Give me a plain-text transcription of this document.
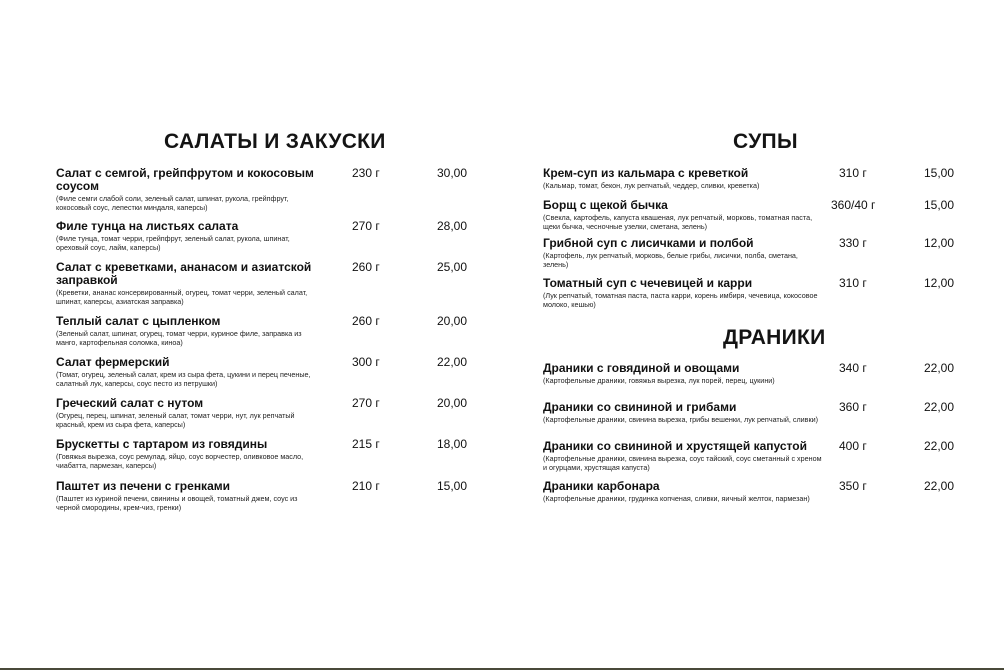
САЛАТЫ И ЗАКУСКИ
Салат с семгой, грейпфрутом и кокосовым соусом
(Филе семги слабой соли, зеленый салат, шпинат, рукола, грейпфрут, кокосовый соус, лепестки миндаля, каперсы)
230 г	30,00
Филе тунца на листьях салата
(Филе тунца, томат черри, грейпфрут, зеленый салат, рукола, шпинат, ореховый соус, лайм, каперсы)
270 г	28,00
Салат с креветками, ананасом и азиатской заправкой
(Креветки, ананас консервированный, огурец, томат черри, зеленый салат, шпинат, каперсы, азиатская заправка)
260 г	25,00
Теплый салат с цыпленком
(Зеленый салат, шпинат, огурец, томат черри, куриное филе, заправка из манго, картофельная соломка, киноа)
260 г	20,00
Салат фермерский
(Томат, огурец, зеленый салат, крем из сыра фета, цукини и перец печеные, салатный лук, каперсы, соус песто из петрушки)
300 г	22,00
Греческий салат с нутом
(Огурец, перец, шпинат, зеленый салат, томат черри, нут, лук репчатый красный, крем из сыра фета, каперсы)
270 г	20,00
Брускетты с тартаром из говядины
(Говяжья вырезка, соус ремулад, яйцо, соус ворчестер, оливковое масло, чиабатта, пармезан, каперсы)
215 г	18,00
Паштет из печени с гренками
(Паштет из куриной печени, свинины и овощей, томатный джем, соус из черной смородины, крем-чиз, гренки)
210 г	15,00
СУПЫ
Крем-суп из кальмара с креветкой
(Кальмар, томат, бекон, лук репчатый, чеддер, сливки, креветка)
310 г	15,00
Борщ с щекой бычка
(Свекла, картофель, капуста квашеная, лук репчатый, морковь, томатная паста, щеки бычка, чесночные узелки, сметана, зелень)
360/40 г	15,00
Грибной суп с лисичками и полбой
(Картофель, лук репчатый, морковь, белые грибы, лисички, полба, сметана, зелень)
330 г	12,00
Томатный суп с чечевицей и карри
(Лук репчатый, томатная паста, паста карри, корень имбиря, чечевица, кокосовое молоко, кешью)
310 г	12,00
ДРАНИКИ
Драники с говядиной и овощами
(Картофельные драники, говяжья вырезка, лук порей, перец, цукини)
340 г	22,00
Драники со свининой и грибами
(Картофельные драники, свинина вырезка, грибы вешенки, лук репчатый, сливки)
360 г	22,00
Драники со свининой и хрустящей капустой
(Картофельные драники, свинина вырезка, соус тайский, соус сметанный с хреном и огурцами, хрустящая капуста)
400 г	22,00
Драники карбонара
(Картофельные драники, грудинка копченая, сливки, яичный желток, пармезан)
350 г	22,00
